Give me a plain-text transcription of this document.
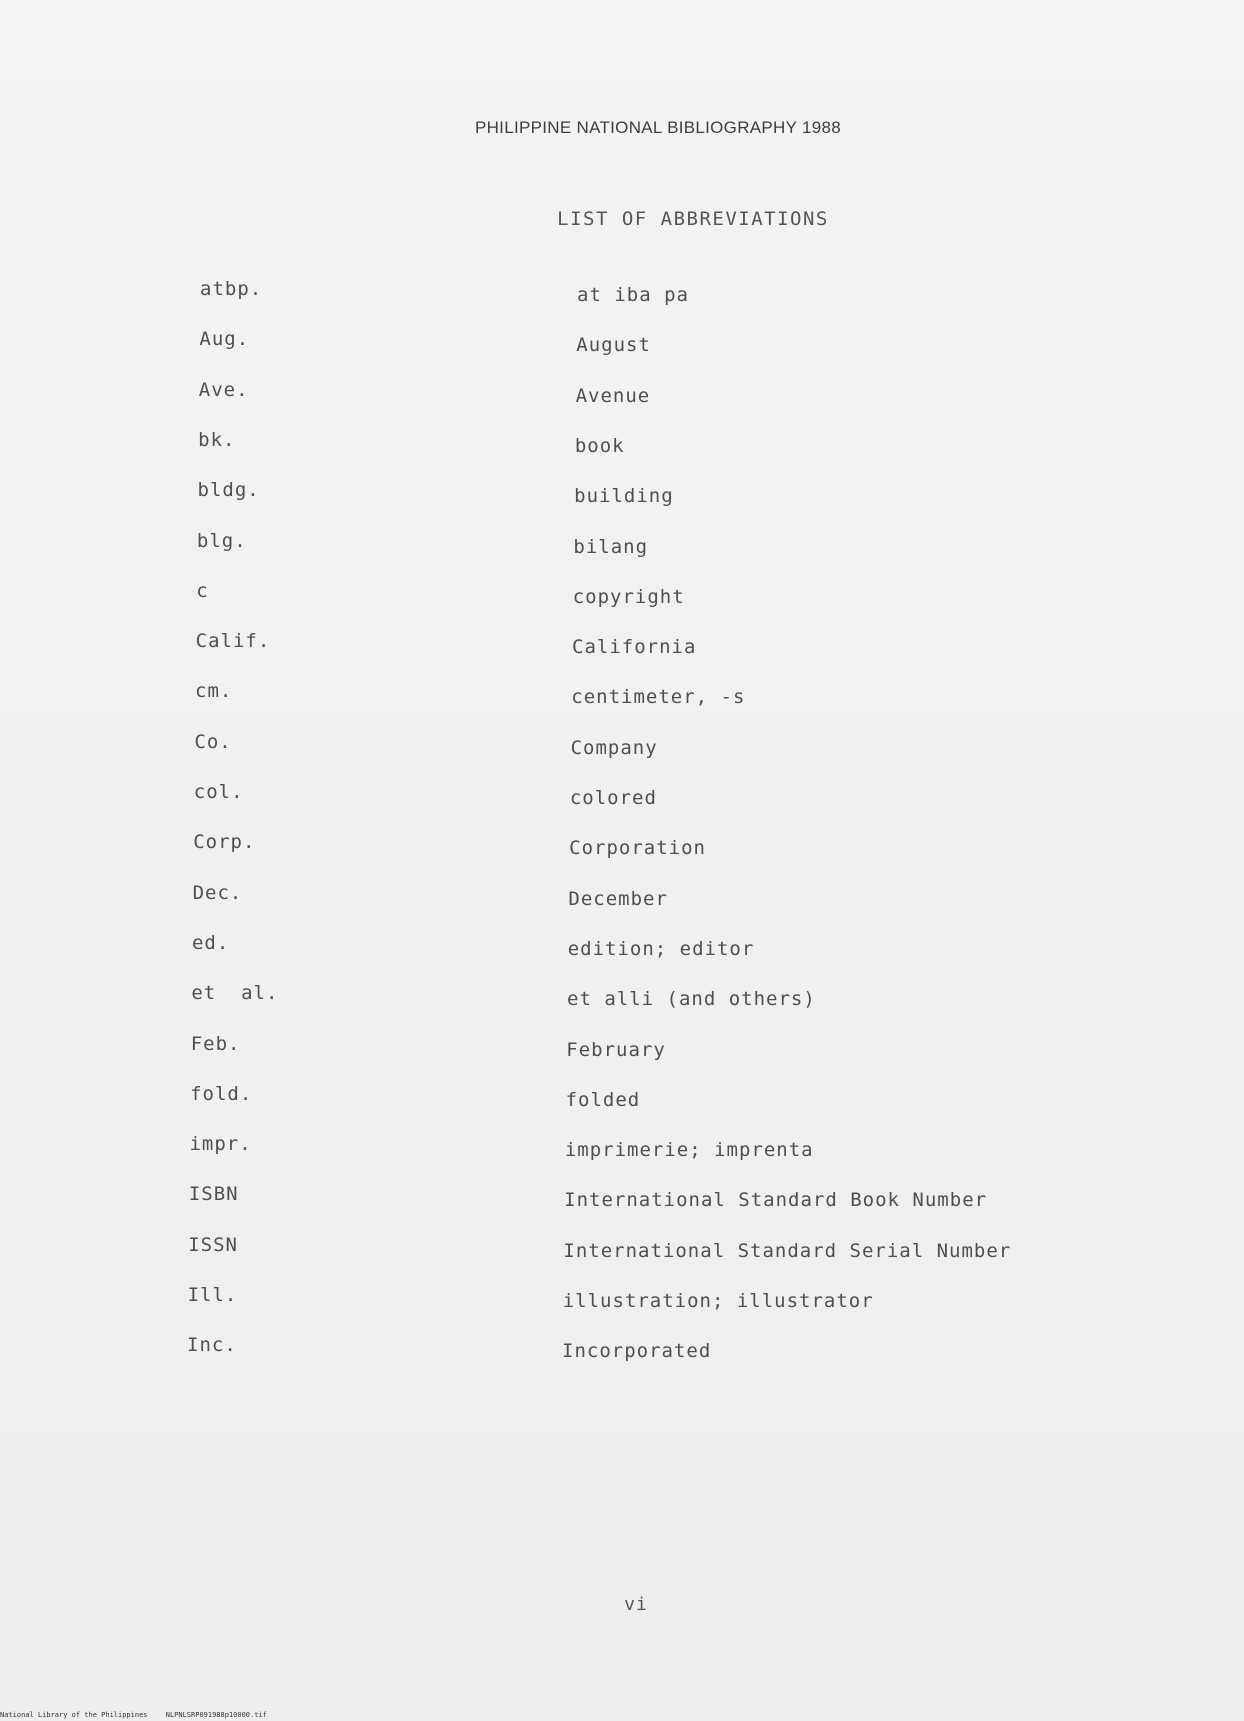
PHILIPPINE NATIONAL BIBLIOGRAPHY 1988
LIST OF ABBREVIATIONS
atbp.	at iba pa
Aug.	August
Ave.	Avenue
bk.	book
bldg.	building
blg.	bilang
c	copyright
Calif.	California
cm.	centimeter, -s
Co.	Company
col.	colored
Corp.	Corporation
Dec.	December
ed.	edition; editor
et  al.	et alli (and others)
Feb.	February
fold.	folded
impr.	imprimerie; imprenta
ISBN	International Standard Book Number
ISSN	International Standard Serial Number
Ill.	illustration; illustrator
Inc.	Incorporated
vi
National Library of the Philippines	NLPNLSRP091988p10000.tif
